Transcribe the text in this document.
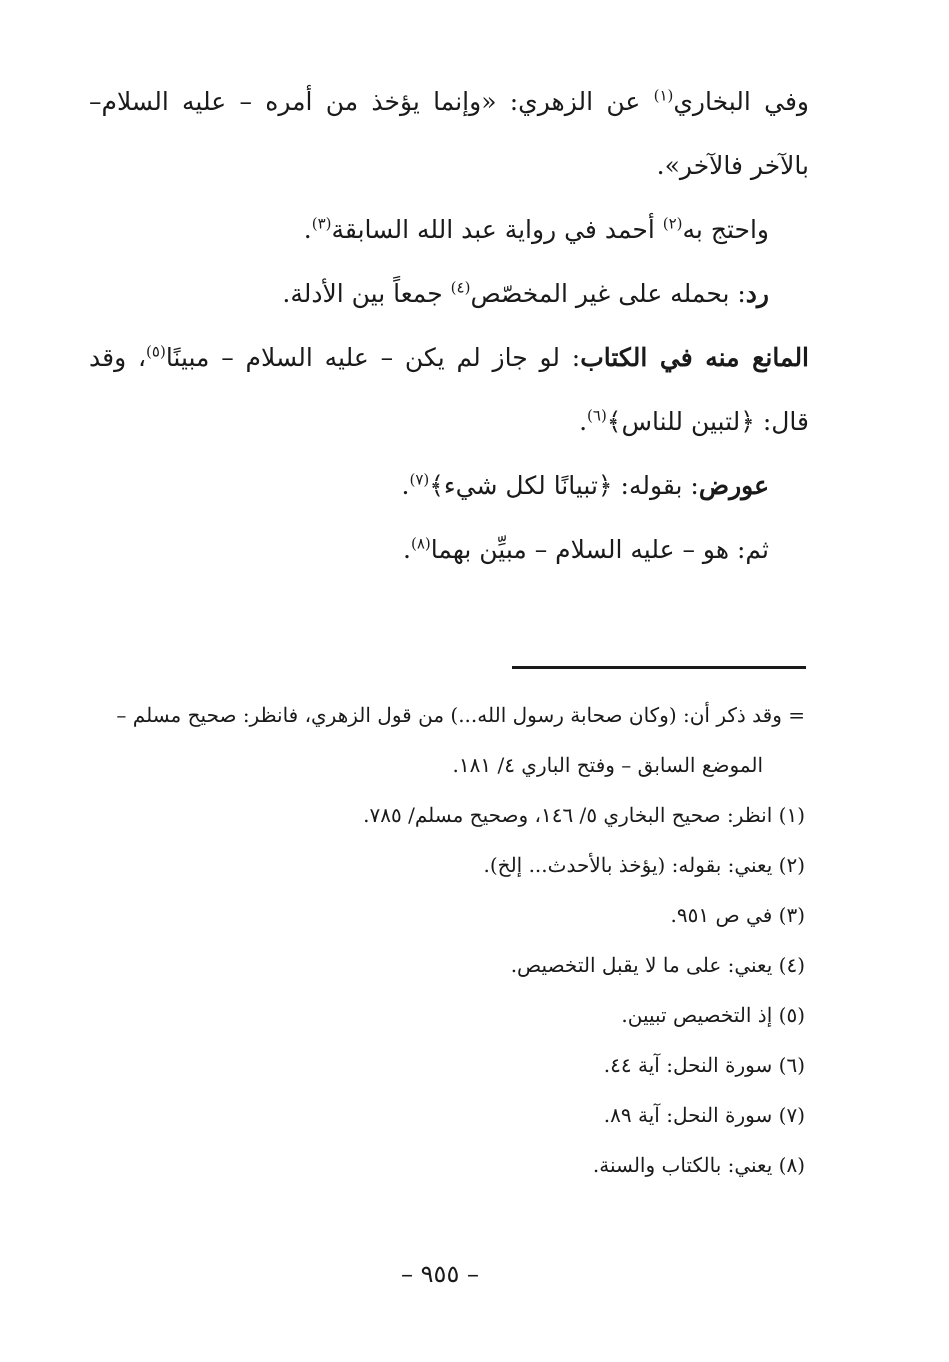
وفي البخاري$^{(١)}$ عن الزهري: «وإنما يؤخذ من أمره – عليه السلام–
بالآخر فالآخر».
واحتج به$^{(٢)}$ أحمد في رواية عبد الله السابقة$^{(٣)}$.
رد: بحمله على غير المخصّص$^{(٤)}$ جمعاً بين الأدلة.
المانع منه في الكتاب: لو جاز لم يكن – عليه السلام – مبينًا$^{(٥)}$، وقد
قال: ﴿لتبين للناس﴾$^{(٦)}$.
عورض: بقوله: ﴿تبيانًا لكل شيء﴾$^{(٧)}$.
ثم: هو – عليه السلام – مبيِّن بهما$^{(٨)}$.
= وقد ذكر أن: (وكان صحابة رسول الله...) من قول الزهري، فانظر: صحيح مسلم –
الموضع السابق – وفتح الباري ٤/ ١٨١.
(١) انظر: صحيح البخاري ٥/ ١٤٦، وصحيح مسلم/ ٧٨٥.
(٢) يعني: بقوله: (يؤخذ بالأحدث... إلخ).
(٣) في ص ٩٥١.
(٤) يعني: على ما لا يقبل التخصيص.
(٥) إذ التخصيص تبيين.
(٦) سورة النحل: آية ٤٤.
(٧) سورة النحل: آية ٨٩.
(٨) يعني: بالكتاب والسنة.
– ٩٥٥ –
